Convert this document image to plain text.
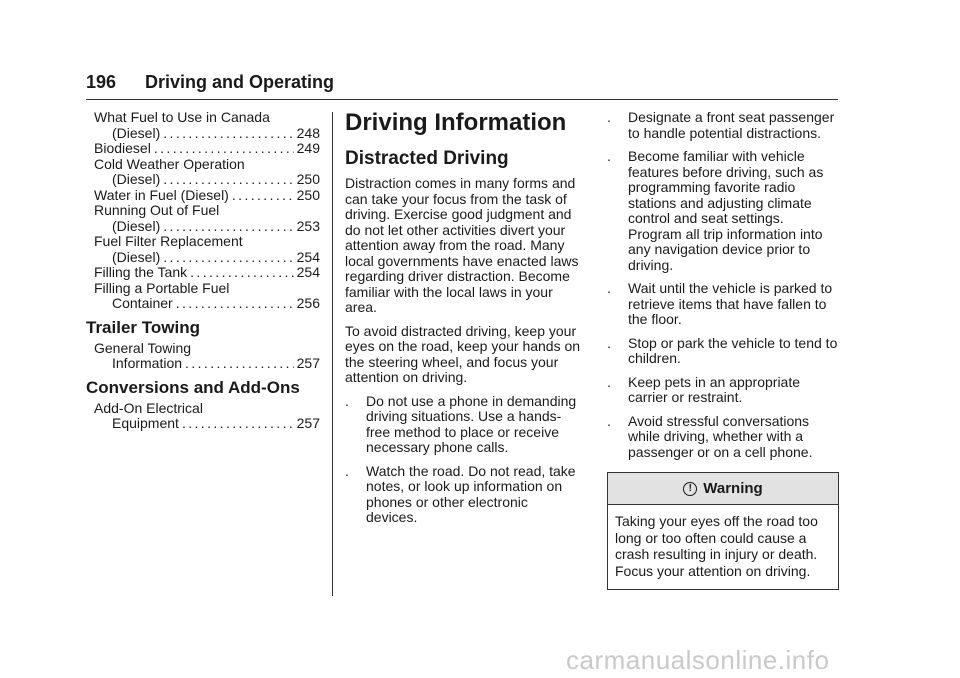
196 Driving and Operating
What Fuel to Use in Canada
(Diesel) .....	248
Biodiesel .....	249
Cold Weather Operation
(Diesel) .....	250
Water in Fuel (Diesel) .....	250
Running Out of Fuel
(Diesel) .....	253
Fuel Filter Replacement
(Diesel) .....	254
Filling the Tank .....	254
Filling a Portable Fuel
Container .....	256
Trailer Towing
General Towing
Information .....	257
Conversions and Add-Ons
Add-On Electrical
Equipment .....	257
Driving Information
Distracted Driving

Distraction comes in many forms and can take your focus from the task of driving. Exercise good judgment and do not let other activities divert your attention away from the road. Many local governments have enacted laws regarding driver distraction. Become familiar with the local laws in your area.

To avoid distracted driving, keep your eyes on the road, keep your hands on the steering wheel, and focus your attention on driving.

. Do not use a phone in demanding driving situations. Use a hands-free method to place or receive necessary phone calls.
. Watch the road. Do not read, take notes, or look up information on phones or other electronic devices.
. Designate a front seat passenger to handle potential distractions.
. Become familiar with vehicle features before driving, such as programming favorite radio stations and adjusting climate control and seat settings. Program all trip information into any navigation device prior to driving.
. Wait until the vehicle is parked to retrieve items that have fallen to the floor.
. Stop or park the vehicle to tend to children.
. Keep pets in an appropriate carrier or restraint.
. Avoid stressful conversations while driving, whether with a passenger or on a cell phone.
! Warning
Taking your eyes off the road too long or too often could cause a crash resulting in injury or death. Focus your attention on driving.
carmanualsonline.info
